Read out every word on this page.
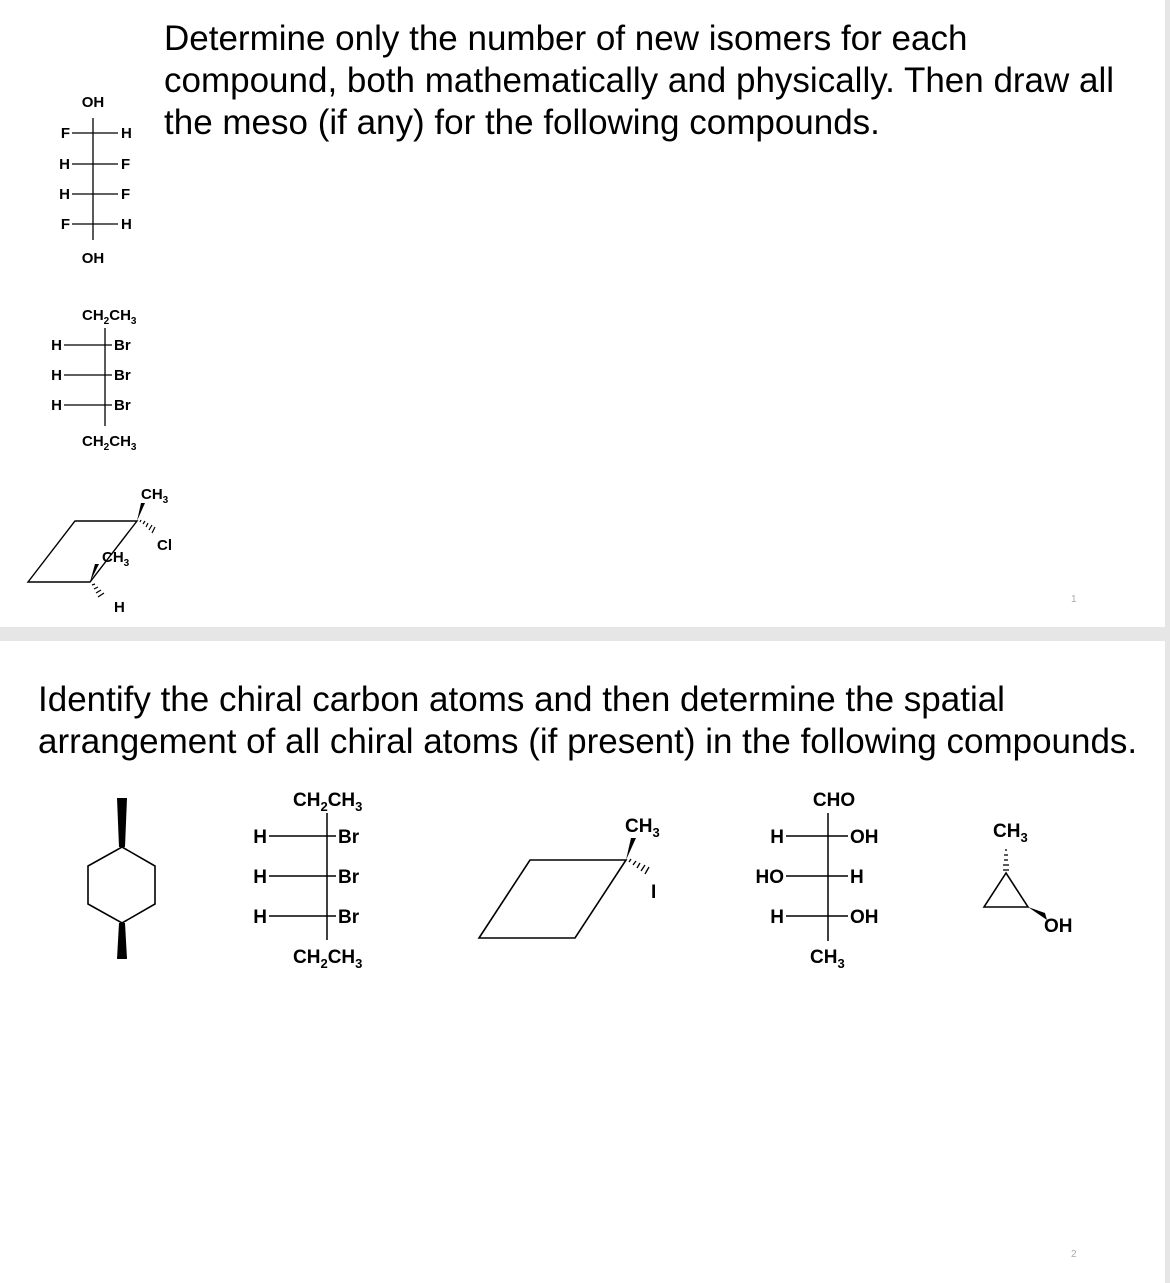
Determine only the number of new isomers for each
compound, both mathematically and physically. Then draw all
the meso (if any) for the following compounds.
OH
OH
F
H
H
F
H
F
F
H
$CH_2CH_3$
$CH_2CH_3$
H
H
H
Br
Br
Br
$CH_3$
Cl
$CH_3$
H	1
Identify the chiral carbon atoms and then determine the spatial
arrangement of all chiral atoms (if present) in the following compounds.
$CH_2CH_3$
$CH_2CH_3$
H
H
H
Br
Br
Br
$CH_3$
I
CHO
$CH_3$
H
HO
H
OH
H
OH
$CH_3$
OH
2
